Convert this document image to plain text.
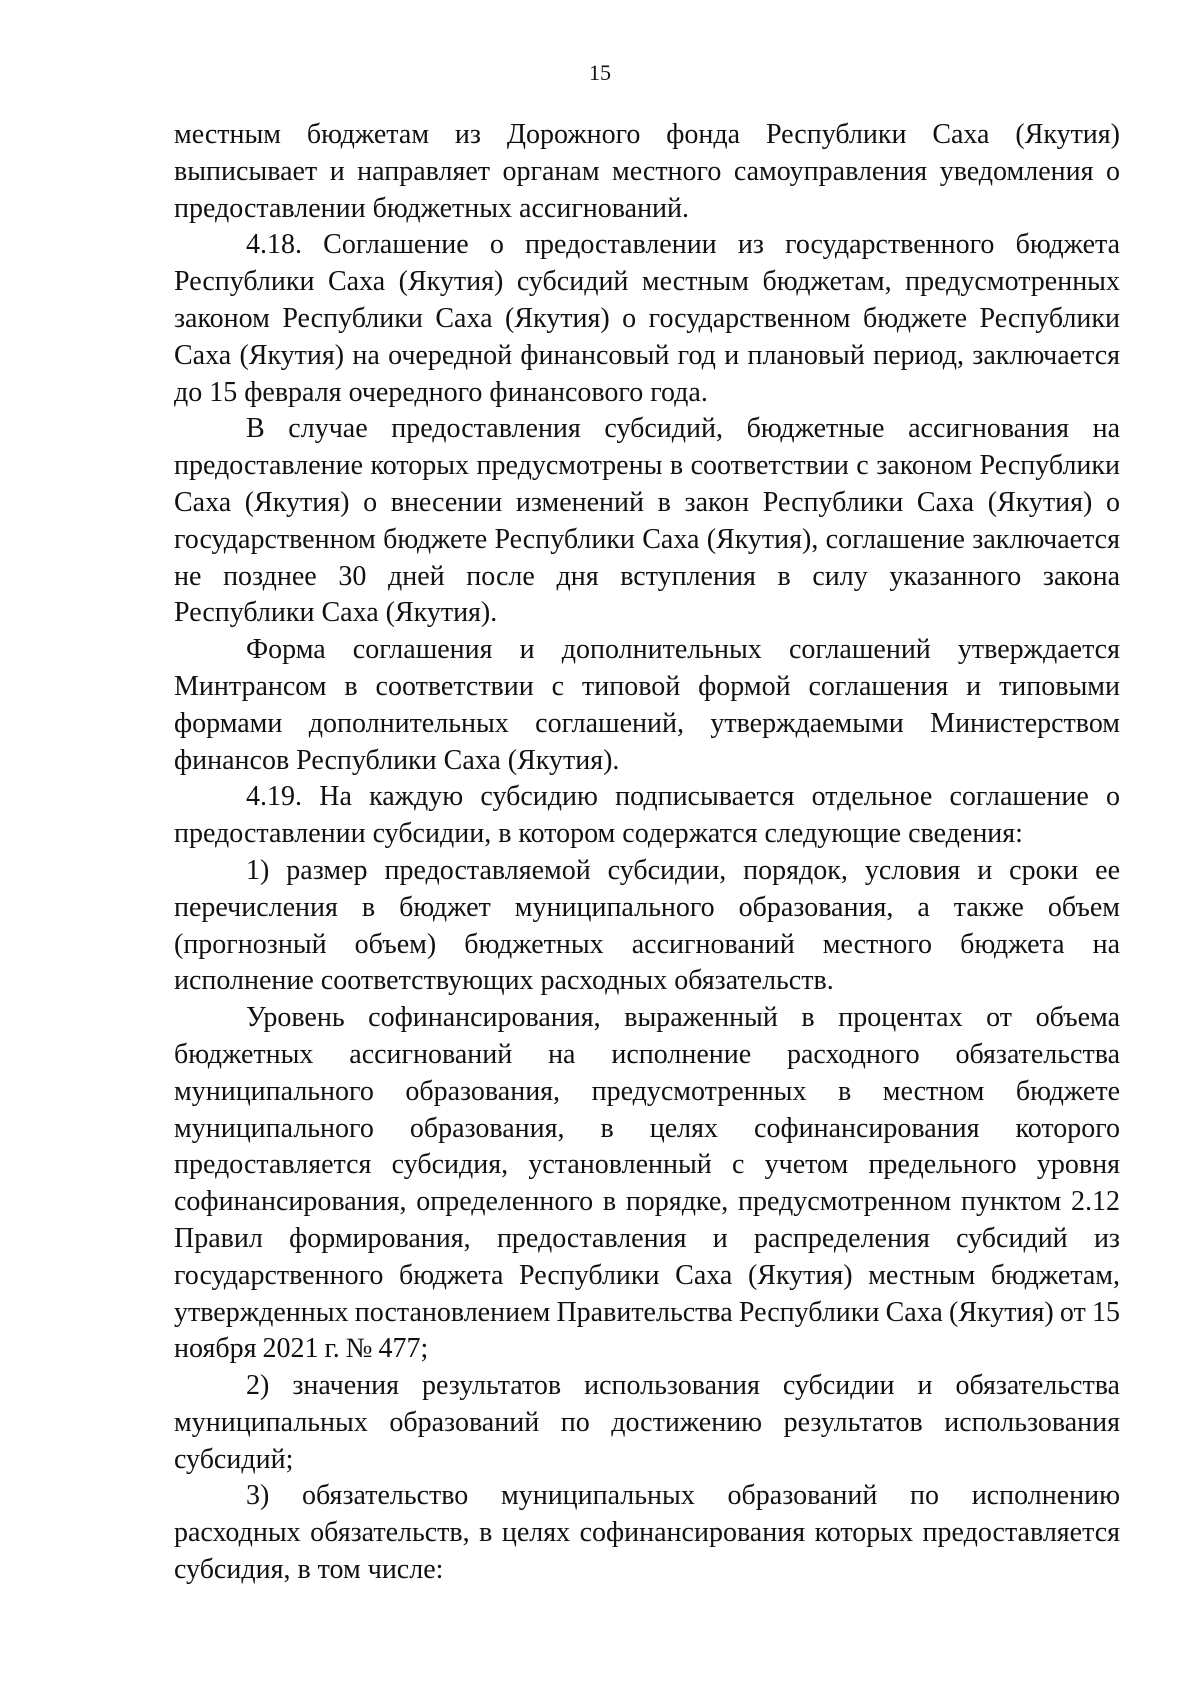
15

местным бюджетам из Дорожного фонда Республики Саха (Якутия) выписывает и направляет органам местного самоуправления уведомления о предоставлении бюджетных ассигнований.

4.18. Соглашение о предоставлении из государственного бюджета Республики Саха (Якутия) субсидий местным бюджетам, предусмотренных законом Республики Саха (Якутия) о государственном бюджете Республики Саха (Якутия) на очередной финансовый год и плановый период, заключается до 15 февраля очередного финансового года.

В случае предоставления субсидий, бюджетные ассигнования на предоставление которых предусмотрены в соответствии с законом Республики Саха (Якутия) о внесении изменений в закон Республики Саха (Якутия) о государственном бюджете Республики Саха (Якутия), соглашение заключается не позднее 30 дней после дня вступления в силу указанного закона Республики Саха (Якутия).

Форма соглашения и дополнительных соглашений утверждается Минтрансом в соответствии с типовой формой соглашения и типовыми формами дополнительных соглашений, утверждаемыми Министерством финансов Республики Саха (Якутия).

4.19. На каждую субсидию подписывается отдельное соглашение о предоставлении субсидии, в котором содержатся следующие сведения:

1) размер предоставляемой субсидии, порядок, условия и сроки ее перечисления в бюджет муниципального образования, а также объем (прогнозный объем) бюджетных ассигнований местного бюджета на исполнение соответствующих расходных обязательств.

Уровень софинансирования, выраженный в процентах от объема бюджетных ассигнований на исполнение расходного обязательства муниципального образования, предусмотренных в местном бюджете муниципального образования, в целях софинансирования которого предоставляется субсидия, установленный с учетом предельного уровня софинансирования, определенного в порядке, предусмотренном пунктом 2.12 Правил формирования, предоставления и распределения субсидий из государственного бюджета Республики Саха (Якутия) местным бюджетам, утвержденных постановлением Правительства Республики Саха (Якутия) от 15 ноября 2021 г. № 477;

2) значения результатов использования субсидии и обязательства муниципальных образований по достижению результатов использования субсидий;

3) обязательство муниципальных образований по исполнению расходных обязательств, в целях софинансирования которых предоставляется субсидия, в том числе:
